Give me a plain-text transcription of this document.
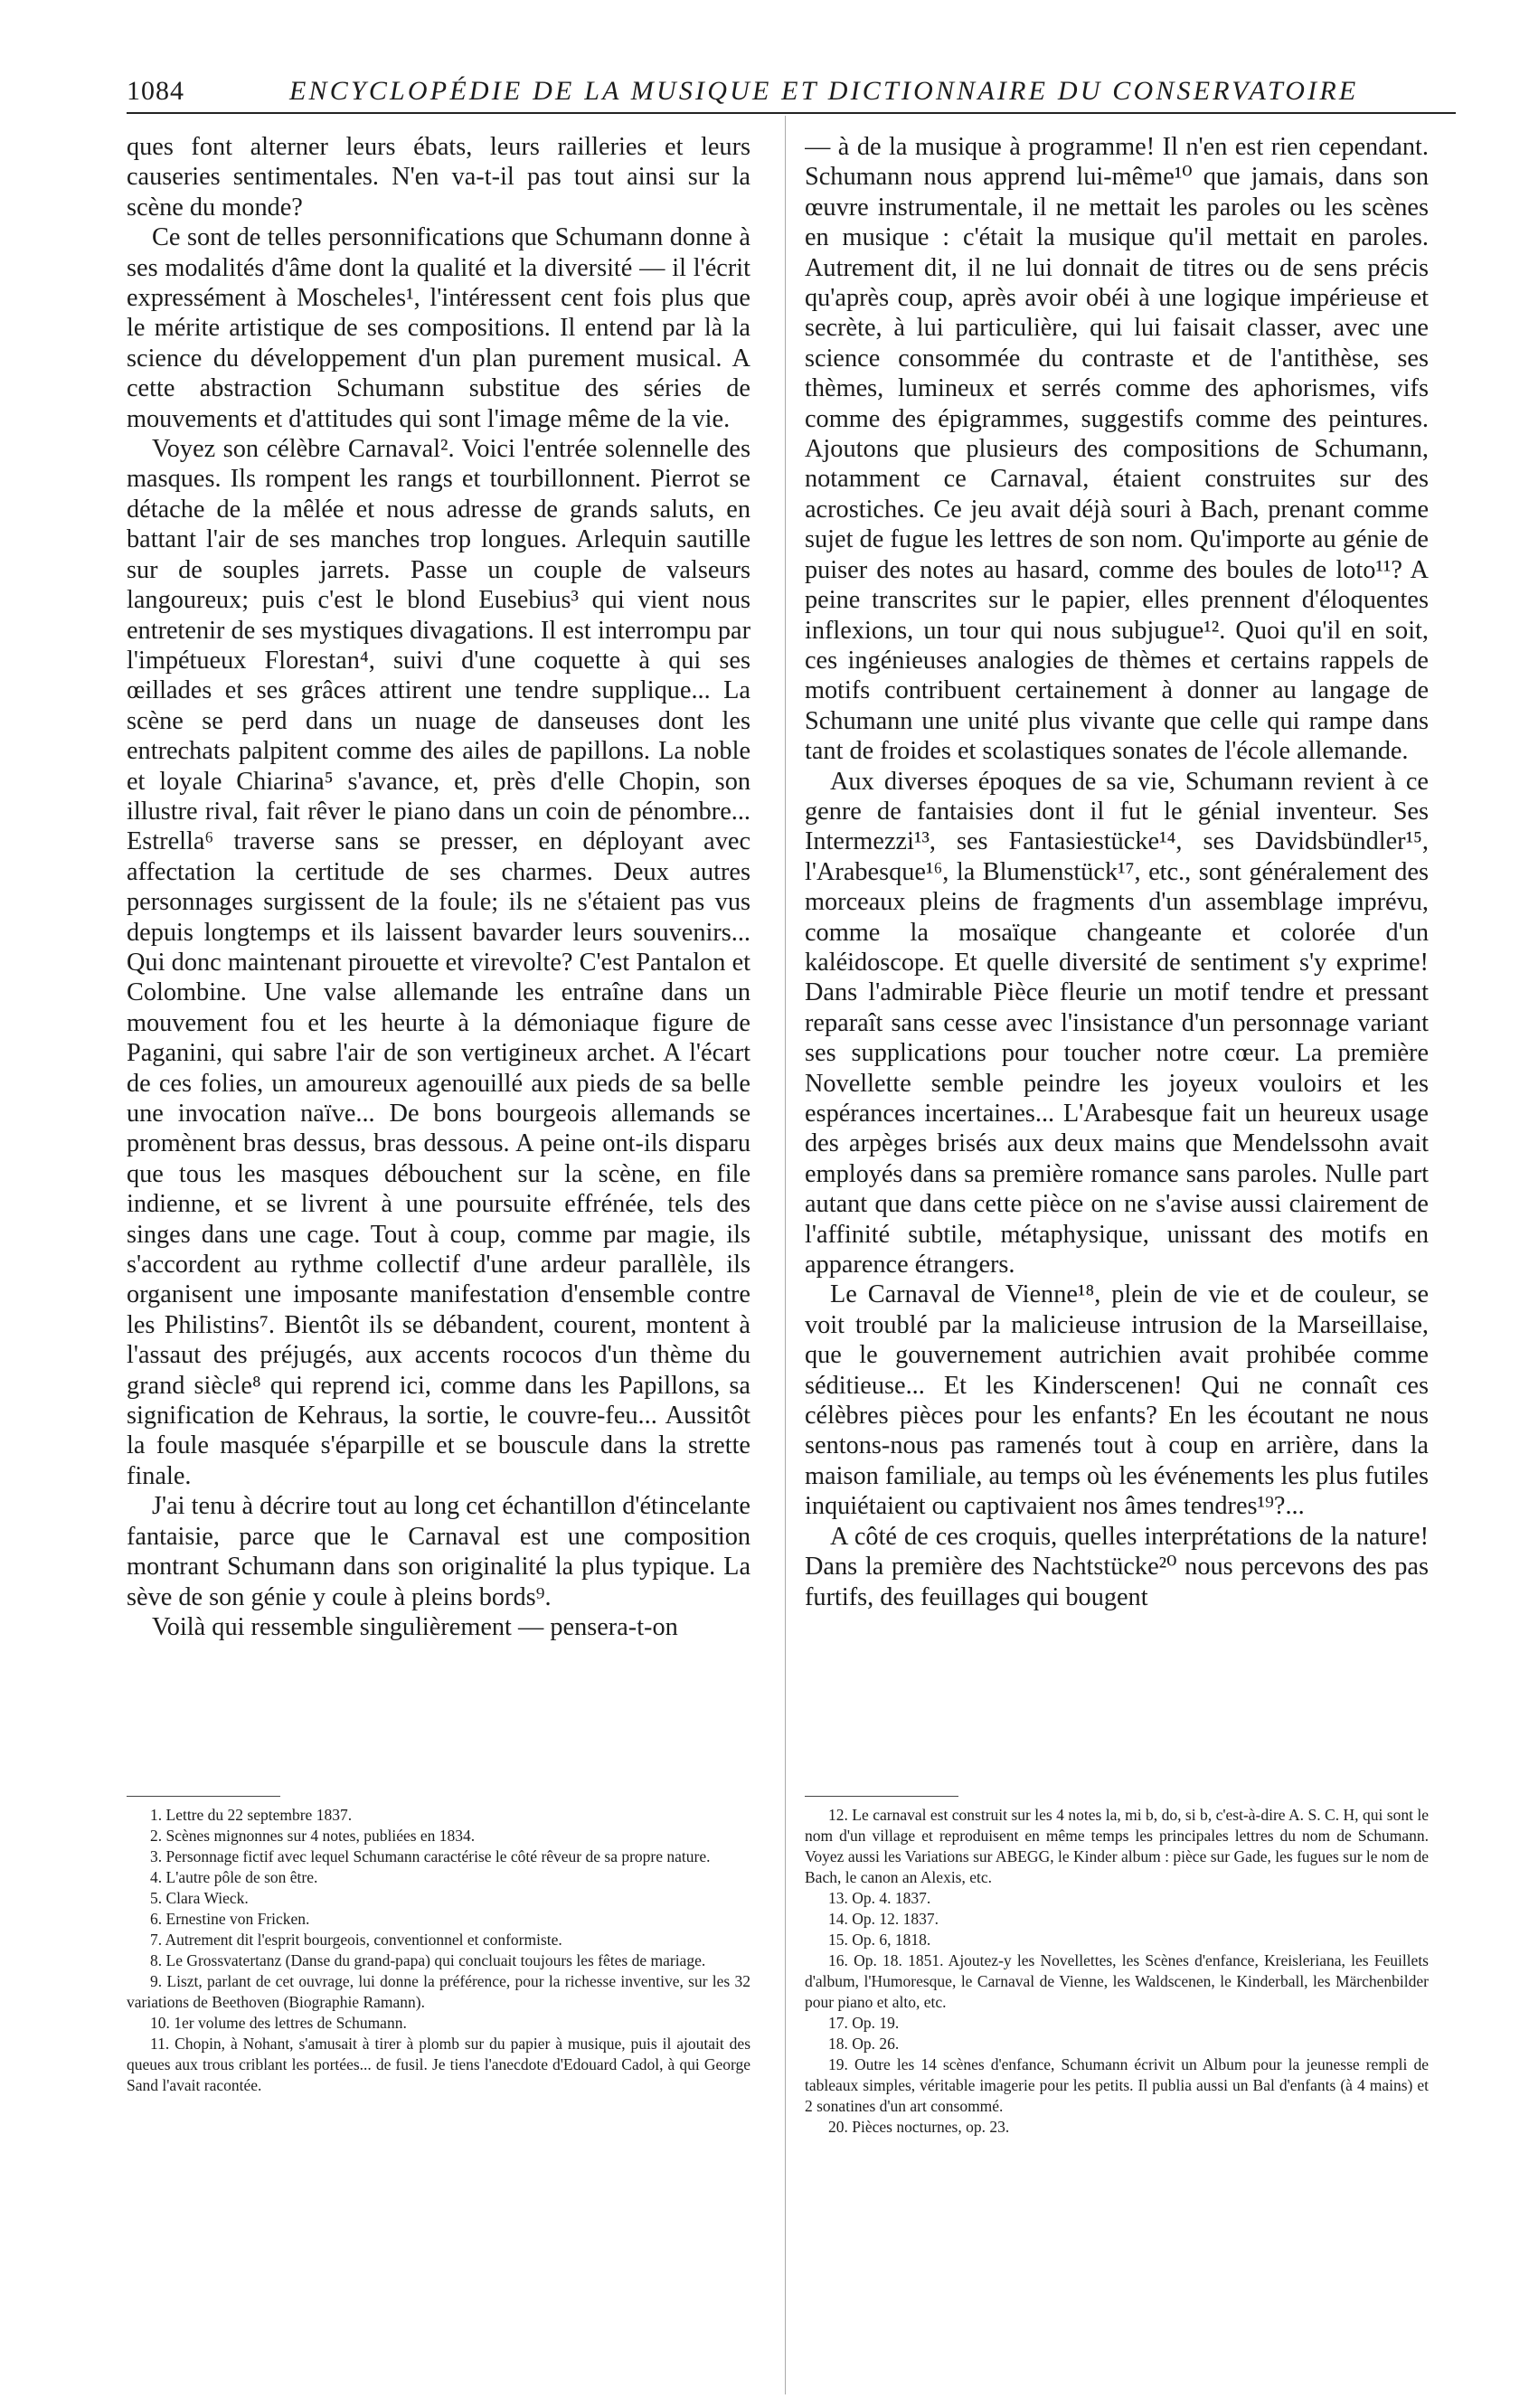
1084	ENCYCLOPÉDIE DE LA MUSIQUE ET DICTIONNAIRE DU CONSERVATOIRE

ques font alterner leurs ébats, leurs railleries et leurs causeries sentimentales. N'en va-t-il pas tout ainsi sur la scène du monde?

Ce sont de telles personnifications que Schumann donne à ses modalités d'âme dont la qualité et la diversité — il l'écrit expressément à Moscheles¹, l'intéressent cent fois plus que le mérite artistique de ses compositions. Il entend par là la science du développement d'un plan purement musical. A cette abstraction Schumann substitue des séries de mouvements et d'attitudes qui sont l'image même de la vie.

Voyez son célèbre Carnaval². Voici l'entrée solennelle des masques. Ils rompent les rangs et tourbillonnent. Pierrot se détache de la mêlée et nous adresse de grands saluts, en battant l'air de ses manches trop longues. Arlequin sautille sur de souples jarrets. Passe un couple de valseurs langoureux; puis c'est le blond Eusebius³ qui vient nous entretenir de ses mystiques divagations. Il est interrompu par l'impétueux Florestan⁴, suivi d'une coquette à qui ses œillades et ses grâces attirent une tendre supplique... La scène se perd dans un nuage de danseuses dont les entrechats palpitent comme des ailes de papillons. La noble et loyale Chiarina⁵ s'avance, et, près d'elle Chopin, son illustre rival, fait rêver le piano dans un coin de pénombre... Estrella⁶ traverse sans se presser, en déployant avec affectation la certitude de ses charmes. Deux autres personnages surgissent de la foule; ils ne s'étaient pas vus depuis longtemps et ils laissent bavarder leurs souvenirs... Qui donc maintenant pirouette et virevolte? C'est Pantalon et Colombine. Une valse allemande les entraîne dans un mouvement fou et les heurte à la démoniaque figure de Paganini, qui sabre l'air de son vertigineux archet. A l'écart de ces folies, un amoureux agenouillé aux pieds de sa belle une invocation naïve... De bons bourgeois allemands se promènent bras dessus, bras dessous. A peine ont-ils disparu que tous les masques débouchent sur la scène, en file indienne, et se livrent à une poursuite effrénée, tels des singes dans une cage. Tout à coup, comme par magie, ils s'accordent au rythme collectif d'une ardeur parallèle, ils organisent une imposante manifestation d'ensemble contre les Philistins⁷. Bientôt ils se débandent, courent, montent à l'assaut des préjugés, aux accents rococos d'un thème du grand siècle⁸ qui reprend ici, comme dans les Papillons, sa signification de Kehraus, la sortie, le couvre-feu... Aussitôt la foule masquée s'éparpille et se bouscule dans la strette finale.

J'ai tenu à décrire tout au long cet échantillon d'étincelante fantaisie, parce que le Carnaval est une composition montrant Schumann dans son originalité la plus typique. La sève de son génie y coule à pleins bords⁹.

Voilà qui ressemble singulièrement — pensera-t-on

— à de la musique à programme! Il n'en est rien cependant. Schumann nous apprend lui-même¹⁰ que jamais, dans son œuvre instrumentale, il ne mettait les paroles ou les scènes en musique : c'était la musique qu'il mettait en paroles. Autrement dit, il ne lui donnait de titres ou de sens précis qu'après coup, après avoir obéi à une logique impérieuse et secrète, à lui particulière, qui lui faisait classer, avec une science consommée du contraste et de l'antithèse, ses thèmes, lumineux et serrés comme des aphorismes, vifs comme des épigrammes, suggestifs comme des peintures. Ajoutons que plusieurs des compositions de Schumann, notamment ce Carnaval, étaient construites sur des acrostiches. Ce jeu avait déjà souri à Bach, prenant comme sujet de fugue les lettres de son nom. Qu'importe au génie de puiser des notes au hasard, comme des boules de loto¹¹? A peine transcrites sur le papier, elles prennent d'éloquentes inflexions, un tour qui nous subjugue¹². Quoi qu'il en soit, ces ingénieuses analogies de thèmes et certains rappels de motifs contribuent certainement à donner au langage de Schumann une unité plus vivante que celle qui rampe dans tant de froides et scolastiques sonates de l'école allemande.

Aux diverses époques de sa vie, Schumann revient à ce genre de fantaisies dont il fut le génial inventeur. Ses Intermezzi¹³, ses Fantasiestücke¹⁴, ses Davidsbündler¹⁵, l'Arabesque¹⁶, la Blumenstück¹⁷, etc., sont généralement des morceaux pleins de fragments d'un assemblage imprévu, comme la mosaïque changeante et colorée d'un kaléidoscope. Et quelle diversité de sentiment s'y exprime! Dans l'admirable Pièce fleurie un motif tendre et pressant reparaît sans cesse avec l'insistance d'un personnage variant ses supplications pour toucher notre cœur. La première Novellette semble peindre les joyeux vouloirs et les espérances incertaines... L'Arabesque fait un heureux usage des arpèges brisés aux deux mains que Mendelssohn avait employés dans sa première romance sans paroles. Nulle part autant que dans cette pièce on ne s'avise aussi clairement de l'affinité subtile, métaphysique, unissant des motifs en apparence étrangers.

Le Carnaval de Vienne¹⁸, plein de vie et de couleur, se voit troublé par la malicieuse intrusion de la Marseillaise, que le gouvernement autrichien avait prohibée comme séditieuse... Et les Kinderscenen! Qui ne connaît ces célèbres pièces pour les enfants? En les écoutant ne nous sentons-nous pas ramenés tout à coup en arrière, dans la maison familiale, au temps où les événements les plus futiles inquiétaient ou captivaient nos âmes tendres¹⁹?...

A côté de ces croquis, quelles interprétations de la nature! Dans la première des Nachtstücke²⁰ nous percevons des pas furtifs, des feuillages qui bougent

1. Lettre du 22 septembre 1837.

2. Scènes mignonnes sur 4 notes, publiées en 1834.

3. Personnage fictif avec lequel Schumann caractérise le côté rêveur de sa propre nature.

4. L'autre pôle de son être.

5. Clara Wieck.

6. Ernestine von Fricken.

7. Autrement dit l'esprit bourgeois, conventionnel et conformiste.

8. Le Grossvatertanz (Danse du grand-papa) qui concluait toujours les fêtes de mariage.

9. Liszt, parlant de cet ouvrage, lui donne la préférence, pour la richesse inventive, sur les 32 variations de Beethoven (Biographie Ramann).

10. 1er volume des lettres de Schumann.

11. Chopin, à Nohant, s'amusait à tirer à plomb sur du papier à musique, puis il ajoutait des queues aux trous criblant les portées... de fusil. Je tiens l'anecdote d'Edouard Cadol, à qui George Sand l'avait racontée.

12. Le carnaval est construit sur les 4 notes la, mi b, do, si b, c'est-à-dire A. S. C. H, qui sont le nom d'un village et reproduisent en même temps les principales lettres du nom de Schumann. Voyez aussi les Variations sur ABEGG, le Kinder album : pièce sur Gade, les fugues sur le nom de Bach, le canon an Alexis, etc.

13. Op. 4. 1837.

14. Op. 12. 1837.

15. Op. 6, 1818.

16. Op. 18. 1851. Ajoutez-y les Novellettes, les Scènes d'enfance, Kreisleriana, les Feuillets d'album, l'Humoresque, le Carnaval de Vienne, les Waldscenen, le Kinderball, les Märchenbilder pour piano et alto, etc.

17. Op. 19.

18. Op. 26.

19. Outre les 14 scènes d'enfance, Schumann écrivit un Album pour la jeunesse rempli de tableaux simples, véritable imagerie pour les petits. Il publia aussi un Bal d'enfants (à 4 mains) et 2 sonatines d'un art consommé.

20. Pièces nocturnes, op. 23.
